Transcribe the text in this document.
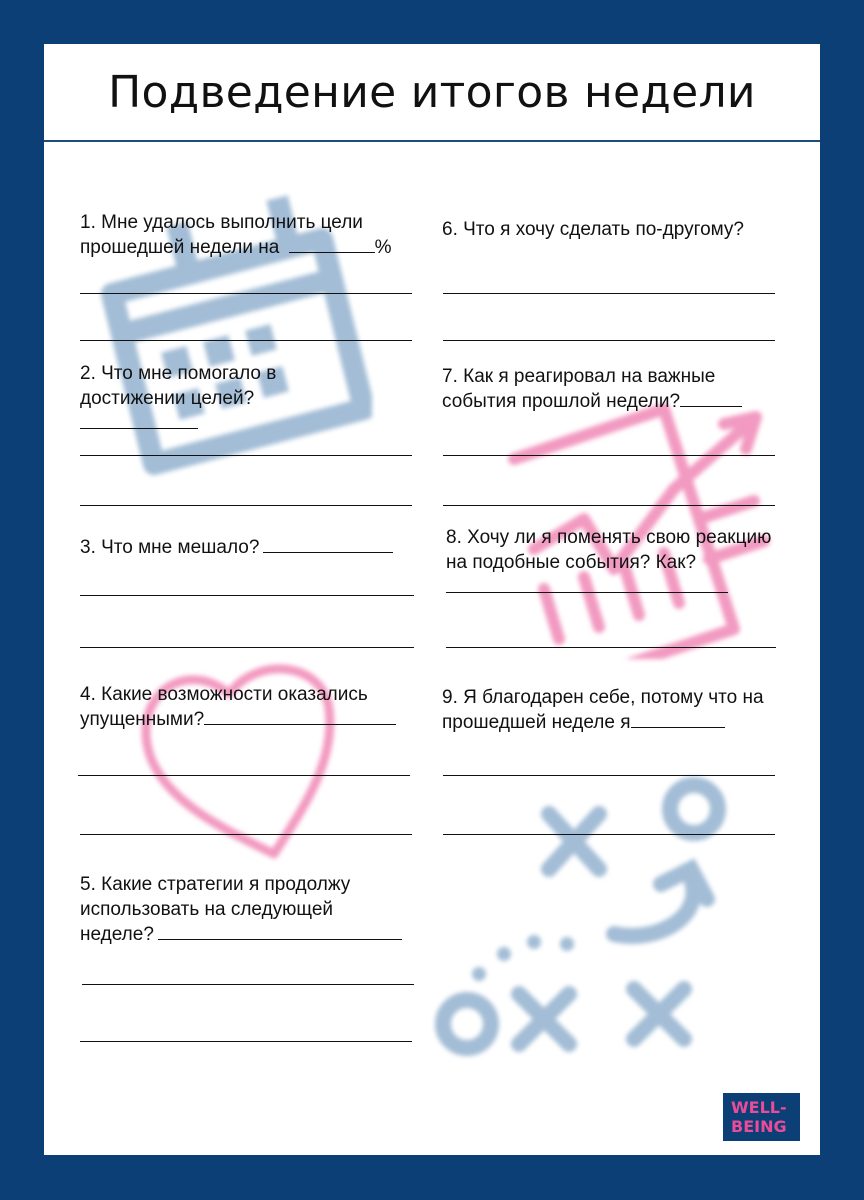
Подведение итогов недели
1. Мне удалось выполнить цели прошедшей недели на	%
2. Что мне помогало в достижении целей?
3. Что мне мешало?
4. Какие возможности оказались упущенными?
5. Какие стратегии я продолжу использовать на следующей неделе?
6. Что я хочу сделать по-другому?
7. Как я реагировал на важные события прошлой недели?
8. Хочу ли я поменять свою реакцию на подобные события? Как?
9. Я благодарен себе, потому что на прошедшей неделе я
WELL-
BEING
